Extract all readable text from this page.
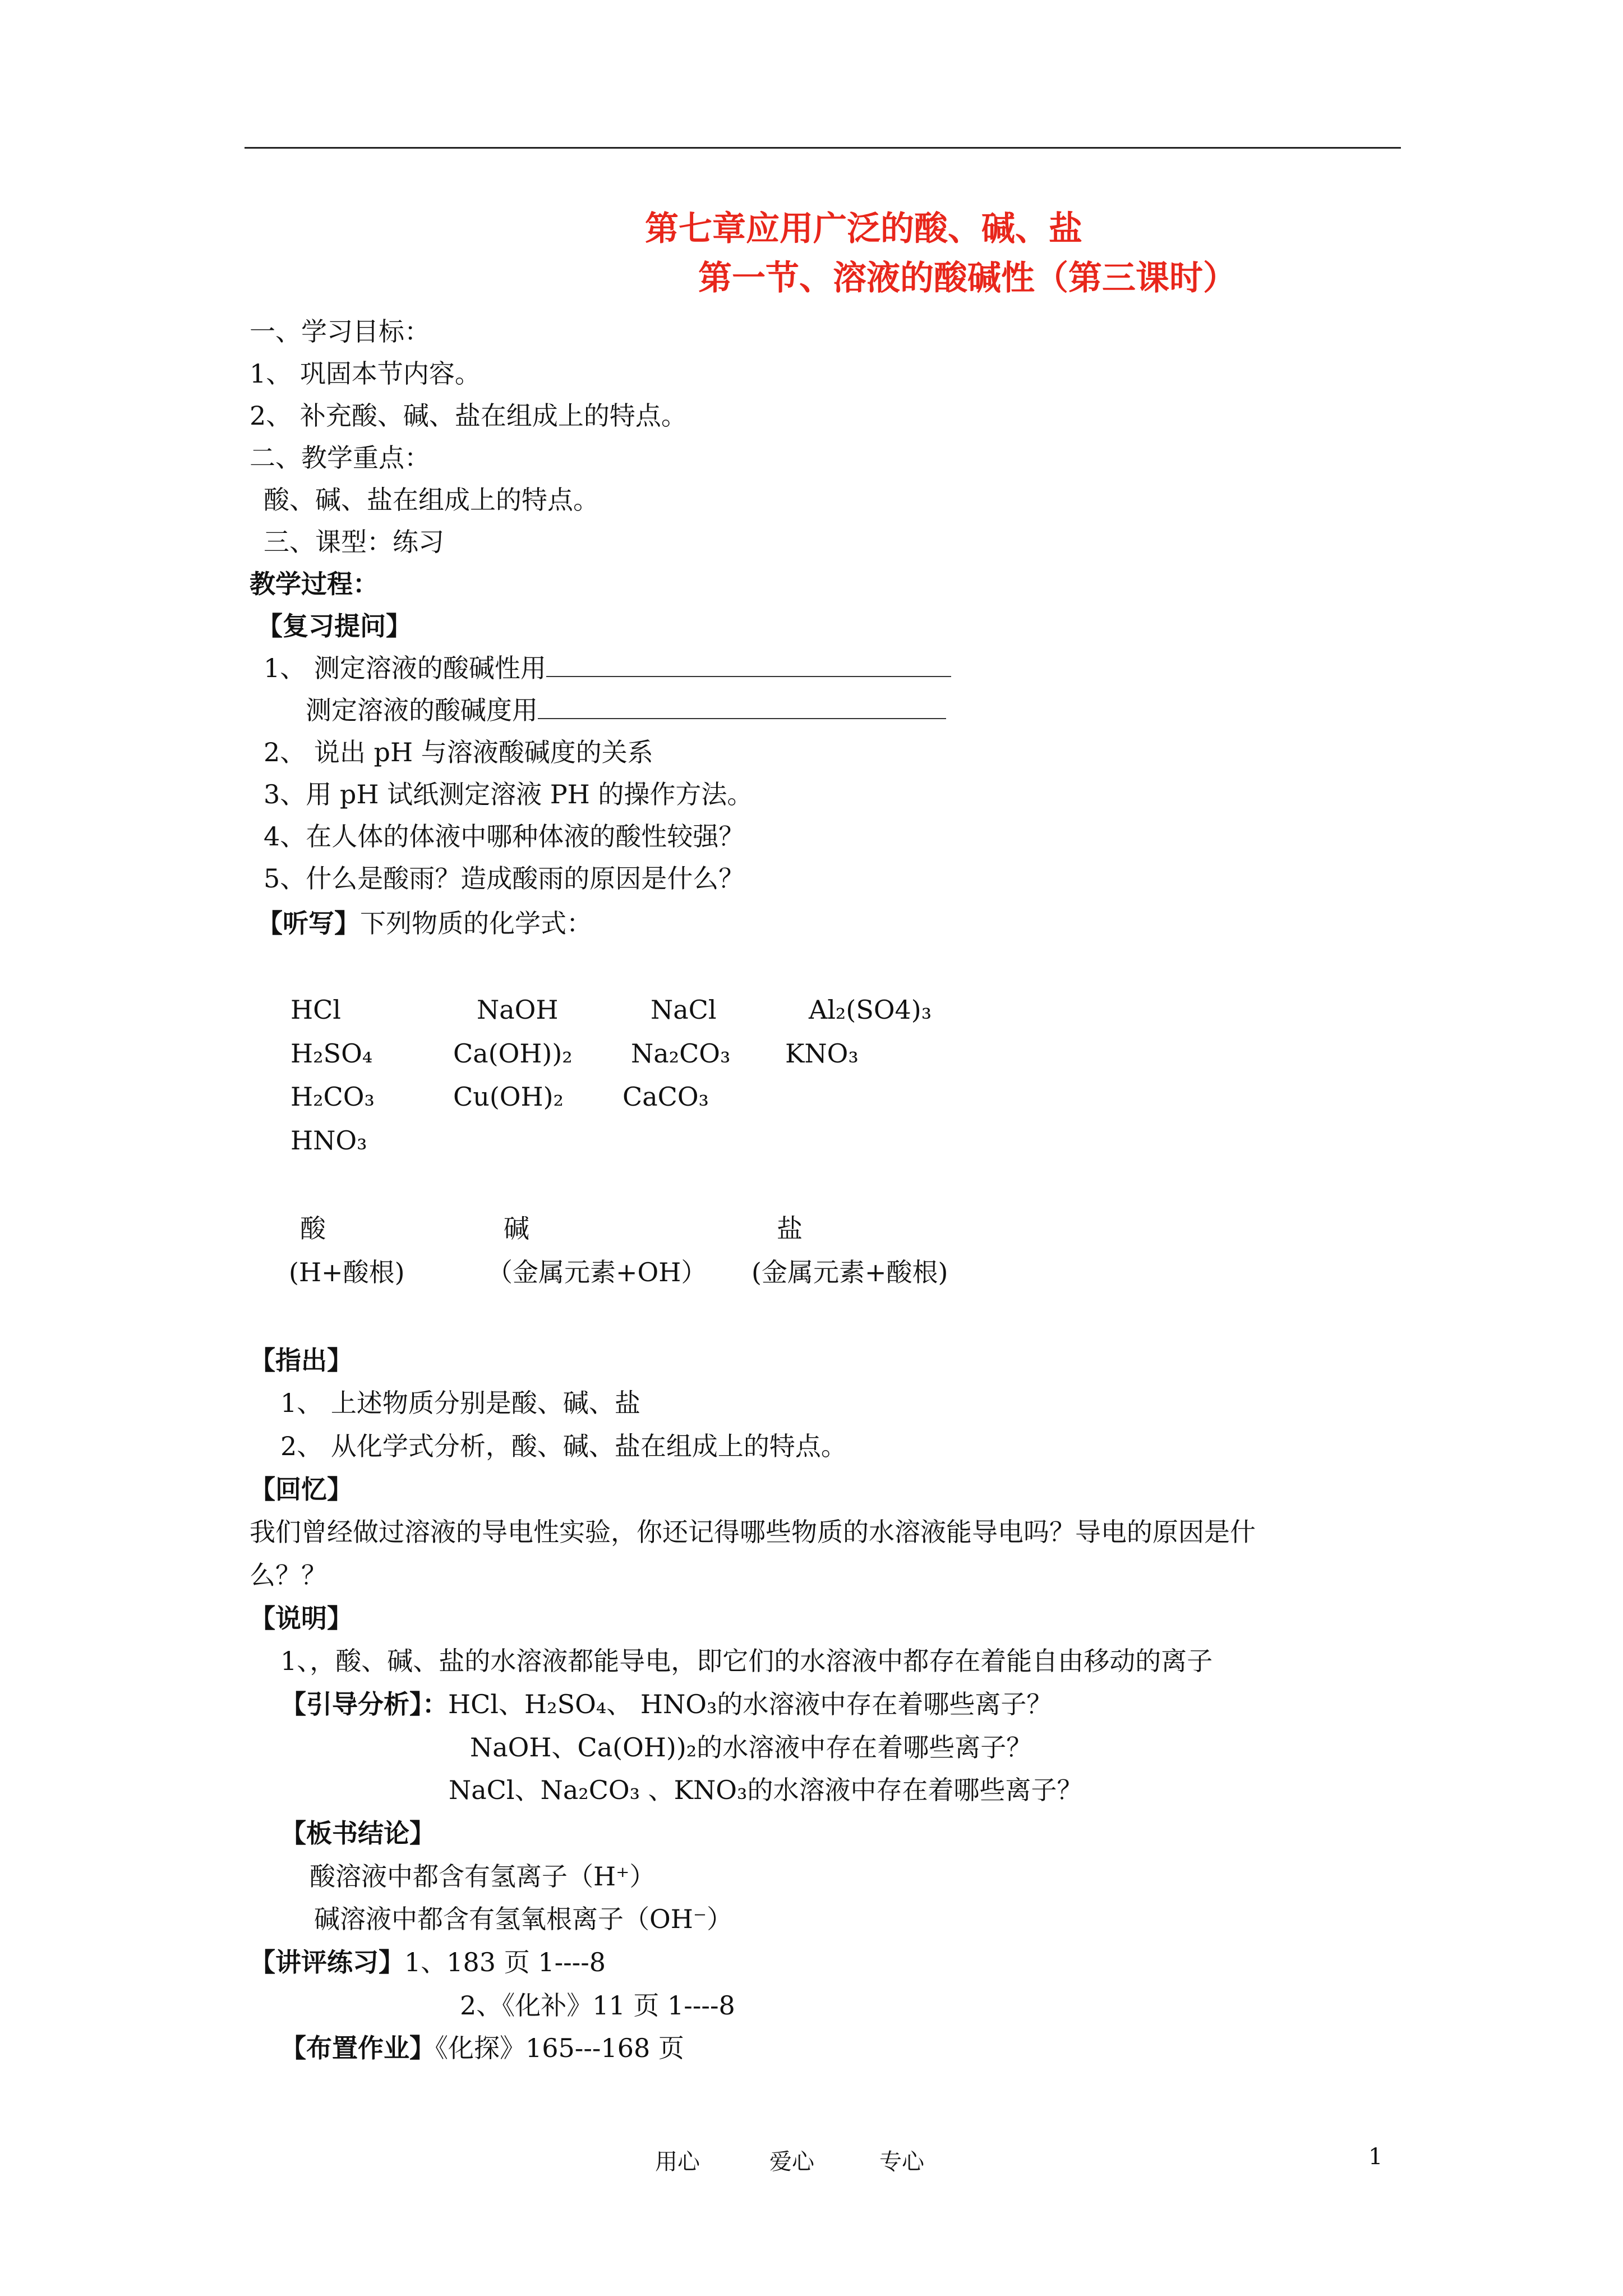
第七章应用广泛的酸、碱、盐
第一节、溶液的酸碱性（第三课时）
一、学习目标：
1、 巩固本节内容。
2、 补充酸、碱、盐在组成上的特点。
二、教学重点：
酸、碱、盐在组成上的特点。
三、课型：练习
教学过程：
【复习提问】
1、 测定溶液的酸碱性用
测定溶液的酸碱度用
2、 说出 pH 与溶液酸碱度的关系
3、用 pH 试纸测定溶液 PH 的操作方法。
4、在人体的体液中哪种体液的酸性较强？
5、什么是酸雨？造成酸雨的原因是什么？
【听写】下列物质的化学式：
HCl	NaOH	NaCl	Al₂(SO4)₃
H₂SO₄	Ca(OH))₂ Na₂CO₃ KNO₃
H₂CO₃	Cu(OH)₂ CaCO₃
HNO₃
酸	碱	盐
(H+酸根)	（金属元素+OH） (金属元素+酸根)
【指出】
1、 上述物质分别是酸、碱、盐
2、 从化学式分析，酸、碱、盐在组成上的特点。
【回忆】
我们曾经做过溶液的导电性实验，你还记得哪些物质的水溶液能导电吗？导电的原因是什
么？？
【说明】
1、，酸、碱、盐的水溶液都能导电，即它们的水溶液中都存在着能自由移动的离子
【引导分析】：HCl、H₂SO₄、 HNO₃的水溶液中存在着哪些离子？
NaOH、Ca(OH))₂的水溶液中存在着哪些离子？
NaCl、Na₂CO₃ 、KNO₃的水溶液中存在着哪些离子？
【板书结论】
酸溶液中都含有氢离子（H⁺）
碱溶液中都含有氢氧根离子（OH⁻）
【讲评练习】1、183 页 1----8
2、《化补》11 页 1----8
【布置作业】《化探》165---168 页
用心	爱心	专心	1
